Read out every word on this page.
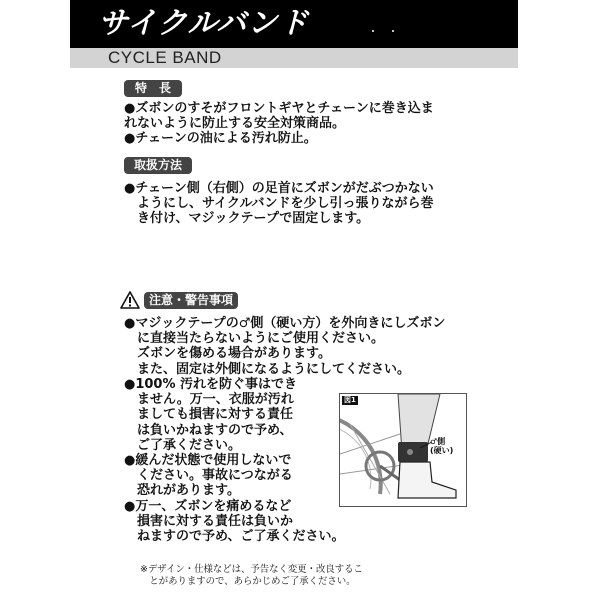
サイクルバンド
CYCLE BAND
特　長
●ズボンのすそがフロントギヤとチェーンに巻き込ま
れないように防止する安全対策商品。
●チェーンの油による汚れ防止。
取扱方法
●チェーン側（右側）の足首にズボンがだぶつかない
　ようにし、サイクルバンドを少し引っ張りながら巻
　き付け、マジックテープで固定します。
注意・警告事項
●マジックテープの♂側（硬い方）を外向きにしズボン
　に直接当たらないようにご使用ください。
　ズボンを傷める場合があります。
　また、固定は外側になるようにしてください。
●100% 汚れを防ぐ事はでき
　ません。万一、衣服が汚れ
　ましても損害に対する責任
　は負いかねますので予め、
　ご了承ください。
●緩んだ状態で使用しないで
　ください。事故につながる
　恐れがあります。
●万一、ズボンを痛めるなど
　損害に対する責任は負いか
　ねますので予め、ご了承ください。
図1
♂側
(硬い)
※デザイン・仕様などは、予告なく変更・改良するこ
　とがありますので、あらかじめご了承ください。
